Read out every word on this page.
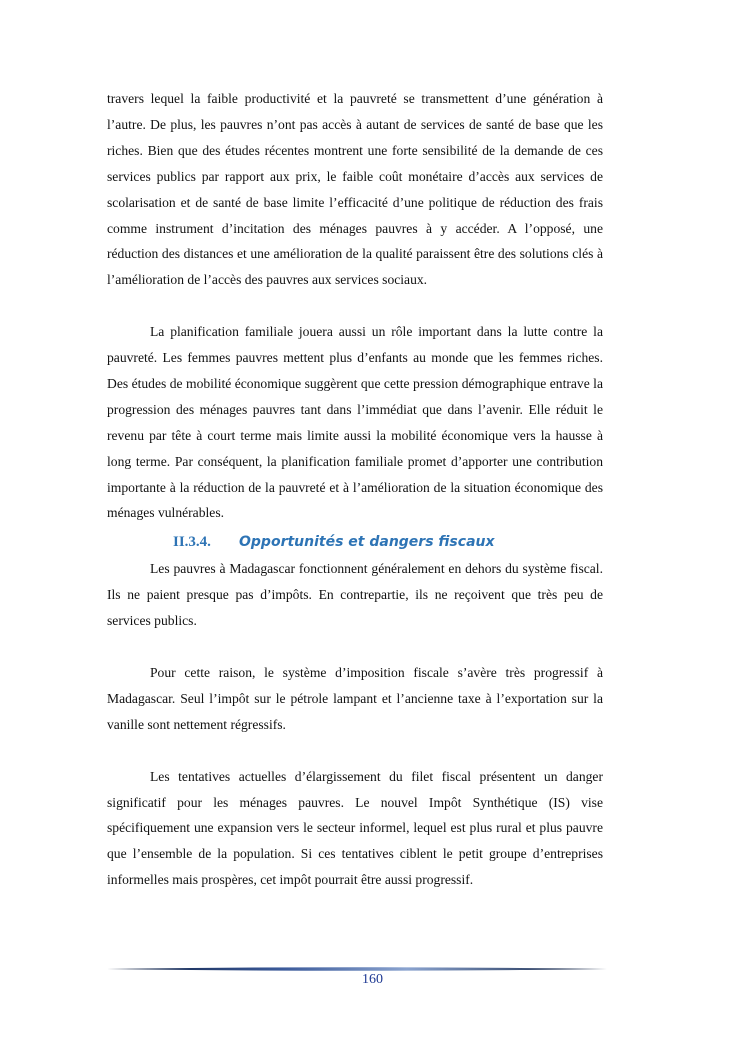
travers lequel la faible productivité et la pauvreté se transmettent d’une génération à l’autre. De plus, les pauvres n’ont pas accès à autant de services de santé de base que les riches. Bien que des études récentes montrent une forte sensibilité de la demande de ces services publics par rapport aux prix, le faible coût monétaire d’accès aux services de scolarisation et de santé de base limite l’efficacité d’une politique de réduction des frais comme instrument d’incitation des ménages pauvres à y accéder. A l’opposé, une réduction des distances et une amélioration de la qualité paraissent être des solutions clés à l’amélioration de l’accès des pauvres aux services sociaux.

La planification familiale jouera aussi un rôle important dans la lutte contre la pauvreté. Les femmes pauvres mettent plus d’enfants au monde que les femmes riches. Des études de mobilité économique suggèrent que cette pression démographique entrave la progression des ménages pauvres tant dans l’immédiat que dans l’avenir. Elle réduit le revenu par tête à court terme mais limite aussi la mobilité économique vers la hausse à long terme. Par conséquent, la planification familiale promet d’apporter une contribution importante à la réduction de la pauvreté et à l’amélioration de la situation économique des ménages vulnérables.

II.3.4. Opportunités et dangers fiscaux

Les pauvres à Madagascar fonctionnent généralement en dehors du système fiscal. Ils ne paient presque pas d’impôts. En contrepartie, ils ne reçoivent que très peu de services publics.

Pour cette raison, le système d’imposition fiscale s’avère très progressif à Madagascar. Seul l’impôt sur le pétrole lampant et l’ancienne taxe à l’exportation sur la vanille sont nettement régressifs.

Les tentatives actuelles d’élargissement du filet fiscal présentent un danger significatif pour les ménages pauvres. Le nouvel Impôt Synthétique (IS) vise spécifiquement une expansion vers le secteur informel, lequel est plus rural et plus pauvre que l’ensemble de la population. Si ces tentatives ciblent le petit groupe d’entreprises informelles mais prospères, cet impôt pourrait être aussi progressif.

160
